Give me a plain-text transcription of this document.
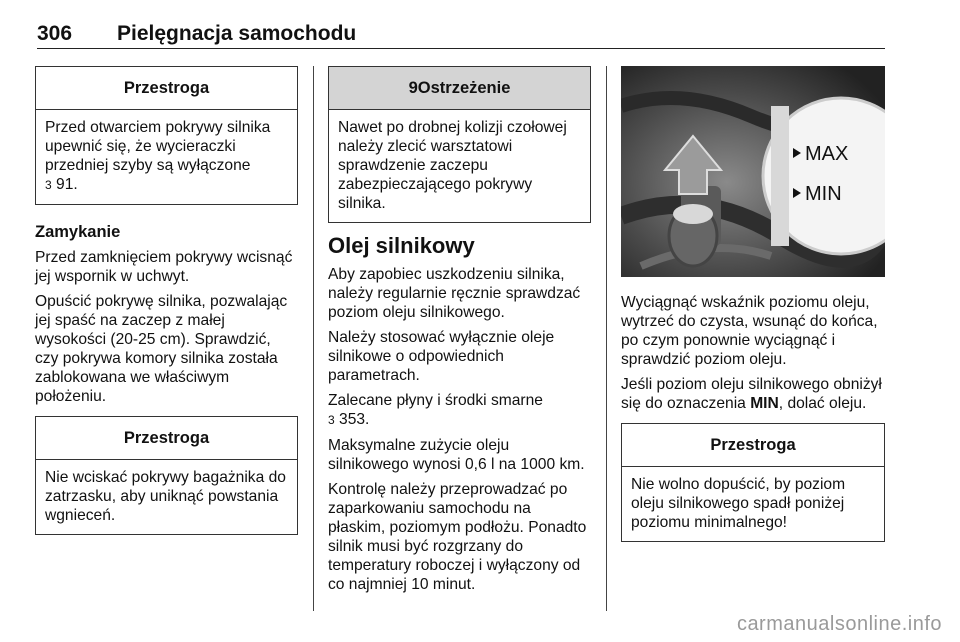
306 Pielęgnacja samochodu
Przestroga
Przed otwarciem pokrywy silnika upewnić się, że wycieraczki przedniej szyby są wyłączone
3 91.

Zamykanie

Przed zamknięciem pokrywy wcisnąć jej wspornik w uchwyt.

Opuścić pokrywę silnika, pozwalając jej spaść na zaczep z małej wysokości (20-25 cm). Sprawdzić, czy pokrywa komory silnika została zablokowana we właściwym położeniu.

Przestroga
Nie wciskać pokrywy bagażnika do zatrzasku, aby uniknąć powstania wgnieceń.
9Ostrzeżenie
Nawet po drobnej kolizji czołowej należy zlecić warsztatowi sprawdzenie zaczepu zabezpieczającego pokrywy silnika.

Olej silnikowy

Aby zapobiec uszkodzeniu silnika, należy regularnie ręcznie sprawdzać poziom oleju silnikowego.

Należy stosować wyłącznie oleje silnikowe o odpowiednich parametrach.

Zalecane płyny i środki smarne
3 353.

Maksymalne zużycie oleju silnikowego wynosi 0,6 l na 1000 km.

Kontrolę należy przeprowadzać po zaparkowaniu samochodu na płaskim, poziomym podłożu. Ponadto silnik musi być rozgrzany do temperatury roboczej i wyłączony od co najmniej 10 minut.

MAX
MIN

Wyciągnąć wskaźnik poziomu oleju, wytrzeć do czysta, wsunąć do końca, po czym ponownie wyciągnąć i sprawdzić poziom oleju.

Jeśli poziom oleju silnikowego obniżył się do oznaczenia MIN, dolać oleju.

Przestroga
Nie wolno dopuścić, by poziom oleju silnikowego spadł poniżej poziomu minimalnego!
carmanualsonline.info
